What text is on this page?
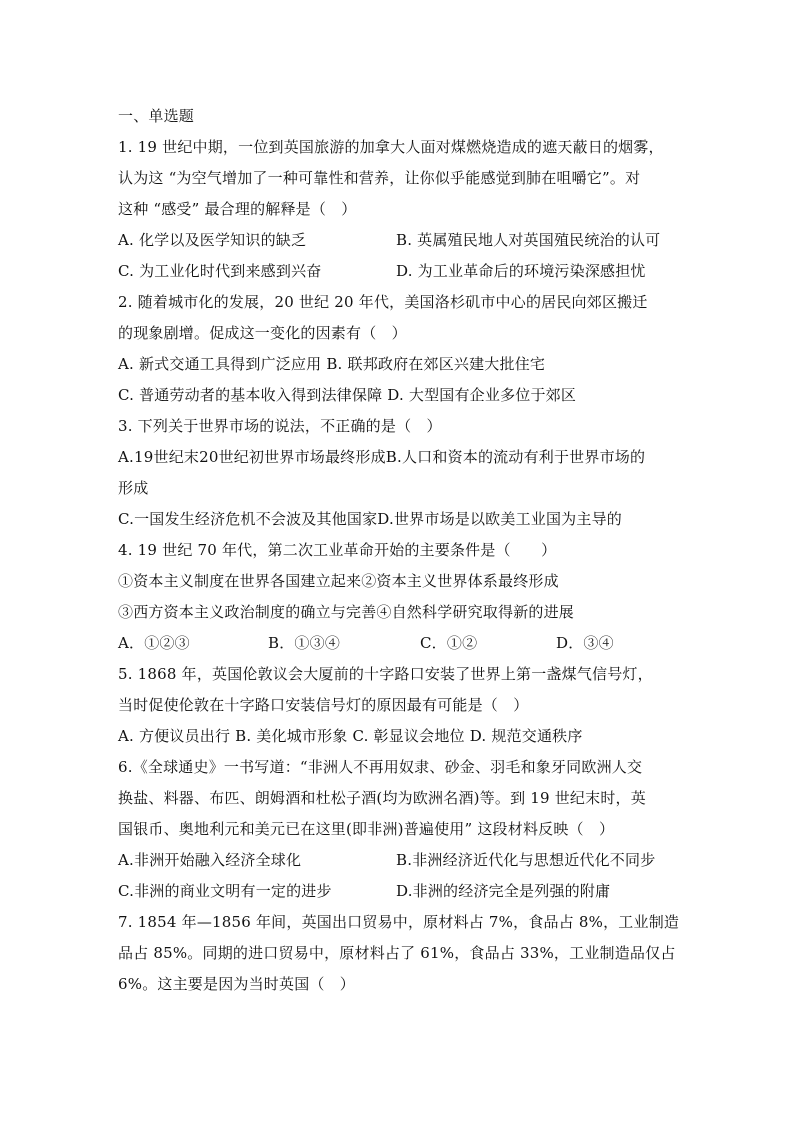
一、单选题
1. 19 世纪中期，一位到英国旅游的加拿大人面对煤燃烧造成的遮天蔽日的烟雾，
认为这 “为空气增加了一种可靠性和营养，让你似乎能感觉到肺在咀嚼它”。对
这种 “感受” 最合理的解释是（　）
A. 化学以及医学知识的缺乏	B. 英属殖民地人对英国殖民统治的认可
C. 为工业化时代到来感到兴奋	D. 为工业革命后的环境污染深感担忧
2. 随着城市化的发展，20 世纪 20 年代，美国洛杉矶市中心的居民向郊区搬迁
的现象剧增。促成这一变化的因素有（　）
A. 新式交通工具得到广泛应用 B. 联邦政府在郊区兴建大批住宅
C. 普通劳动者的基本收入得到法律保障 D. 大型国有企业多位于郊区
3. 下列关于世界市场的说法，不正确的是（　）
A.19世纪末20世纪初世界市场最终形成B.人口和资本的流动有利于世界市场的
形成
C.一国发生经济危机不会波及其他国家D.世界市场是以欧美工业国为主导的
4. 19 世纪 70 年代，第二次工业革命开始的主要条件是（　　）
①资本主义制度在世界各国建立起来②资本主义世界体系最终形成
③西方资本主义政治制度的确立与完善④自然科学研究取得新的进展
A．①②③	B．①③④	C．①②	D．③④
5. 1868 年，英国伦敦议会大厦前的十字路口安装了世界上第一盏煤气信号灯，
当时促使伦敦在十字路口安装信号灯的原因最有可能是（　）
A. 方便议员出行 B. 美化城市形象 C. 彰显议会地位 D. 规范交通秩序
6.《全球通史》一书写道：“非洲人不再用奴隶、砂金、羽毛和象牙同欧洲人交
换盐、料器、布匹、朗姆酒和杜松子酒(均为欧洲名酒)等。到 19 世纪末时，英
国银币、奥地利元和美元已在这里(即非洲)普遍使用” 这段材料反映（　）
A.非洲开始融入经济全球化	B.非洲经济近代化与思想近代化不同步
C.非洲的商业文明有一定的进步	D.非洲的经济完全是列强的附庸
7. 1854 年—1856 年间，英国出口贸易中，原材料占 7%，食品占 8%，工业制造
品占 85%。同期的进口贸易中，原材料占了 61%，食品占 33%，工业制造品仅占
6%。这主要是因为当时英国（　）
